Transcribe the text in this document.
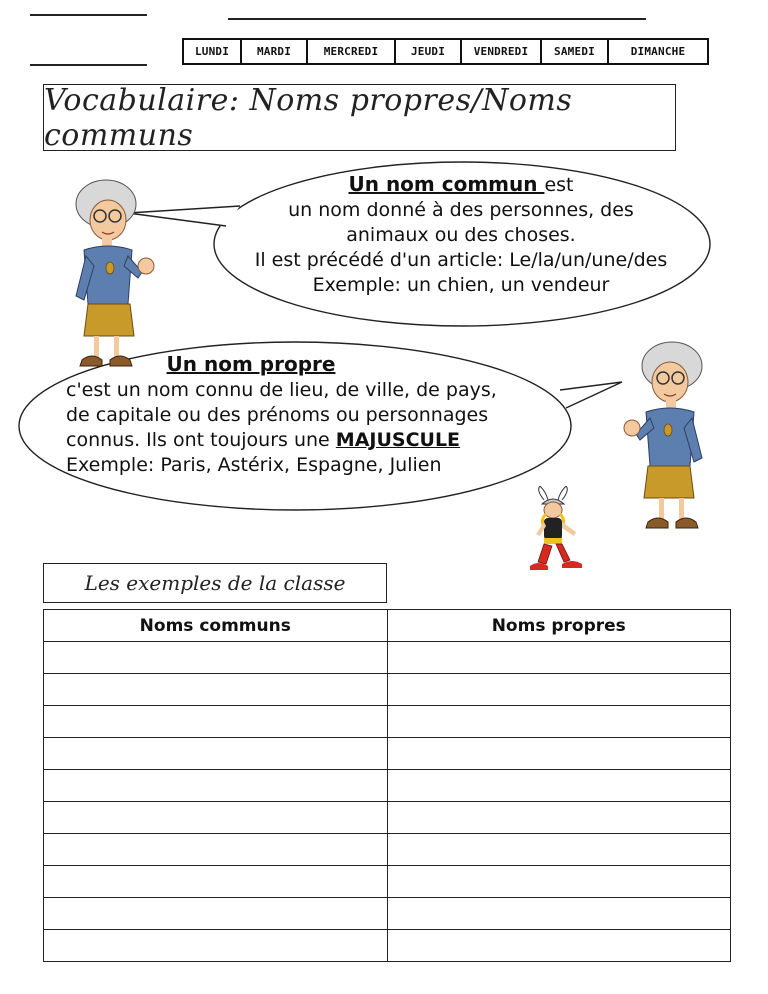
LUNDI	MARDI	MERCREDI	JEUDI	VENDREDI	SAMEDI	DIMANCHE
Vocabulaire: Noms propres/Noms communs
Un nom commun est
un nom donné à des personnes, des
animaux ou des choses.
Il est précédé d'un article: Le/la/un/une/des
Exemple: un chien, un vendeur
Un nom propre
c'est un nom connu de lieu, de ville, de pays,
de capitale ou des prénoms ou personnages
connus. Ils ont toujours une MAJUSCULE
Exemple: Paris, Astérix, Espagne, Julien
Les exemples de la classe
Noms communs	Noms propres
